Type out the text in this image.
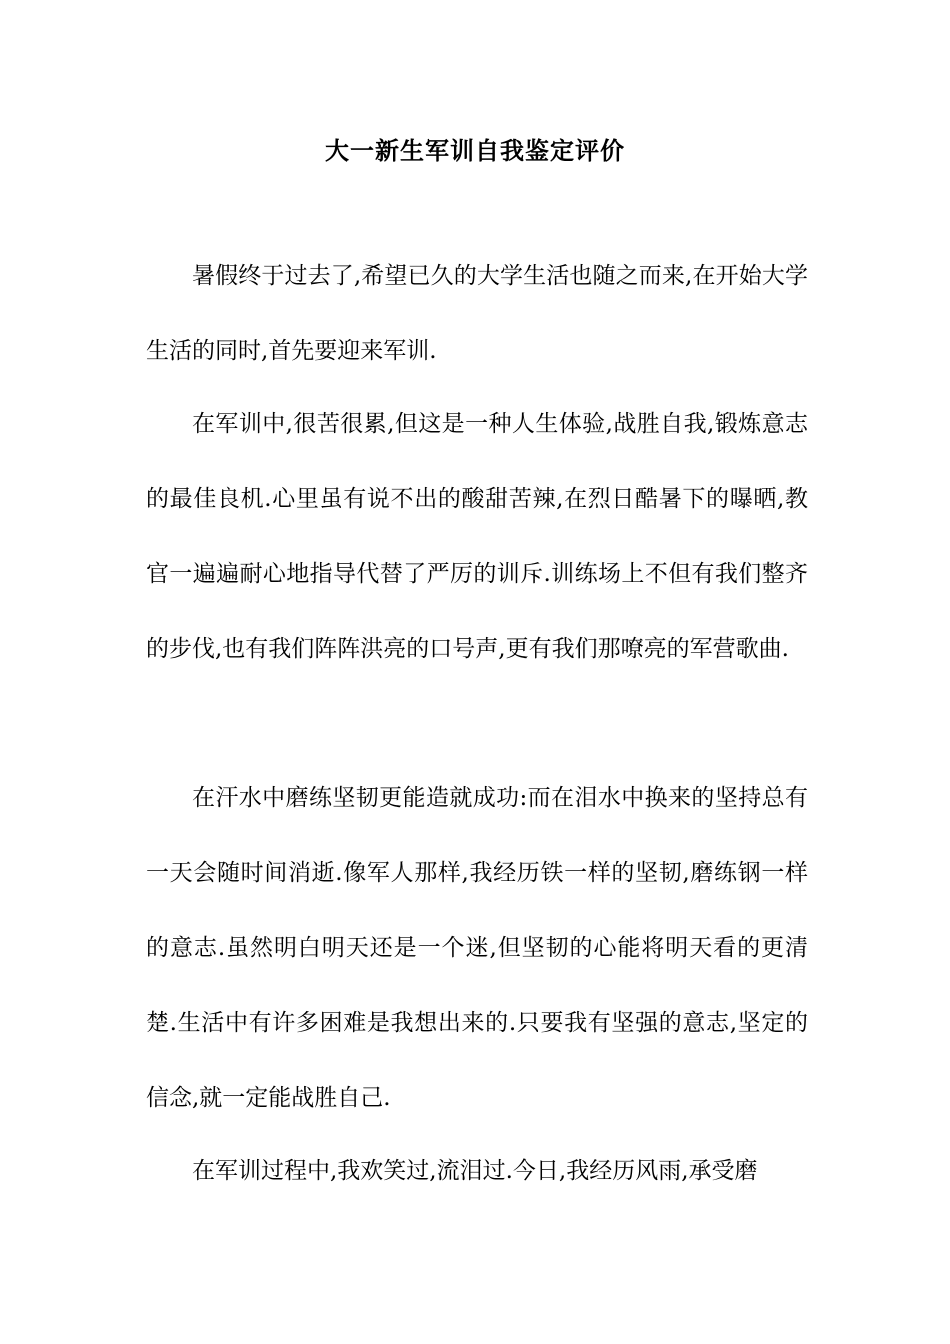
大一新生军训自我鉴定评价

暑假终于过去了,希望已久的大学生活也随之而来,在开始大学生活的同时,首先要迎来军训.

在军训中,很苦很累,但这是一种人生体验,战胜自我,锻炼意志的最佳良机.心里虽有说不出的酸甜苦辣,在烈日酷暑下的曝晒,教官一遍遍耐心地指导代替了严厉的训斥.训练场上不但有我们整齐的步伐,也有我们阵阵洪亮的口号声,更有我们那嘹亮的军营歌曲.

在汗水中磨练坚韧更能造就成功:而在泪水中换来的坚持总有一天会随时间消逝.像军人那样,我经历铁一样的坚韧,磨练钢一样的意志.虽然明白明天还是一个迷,但坚韧的心能将明天看的更清楚.生活中有许多困难是我想出来的.只要我有坚强的意志,坚定的信念,就一定能战胜自己.

在军训过程中,我欢笑过,流泪过.今日,我经历风雨,承受磨
